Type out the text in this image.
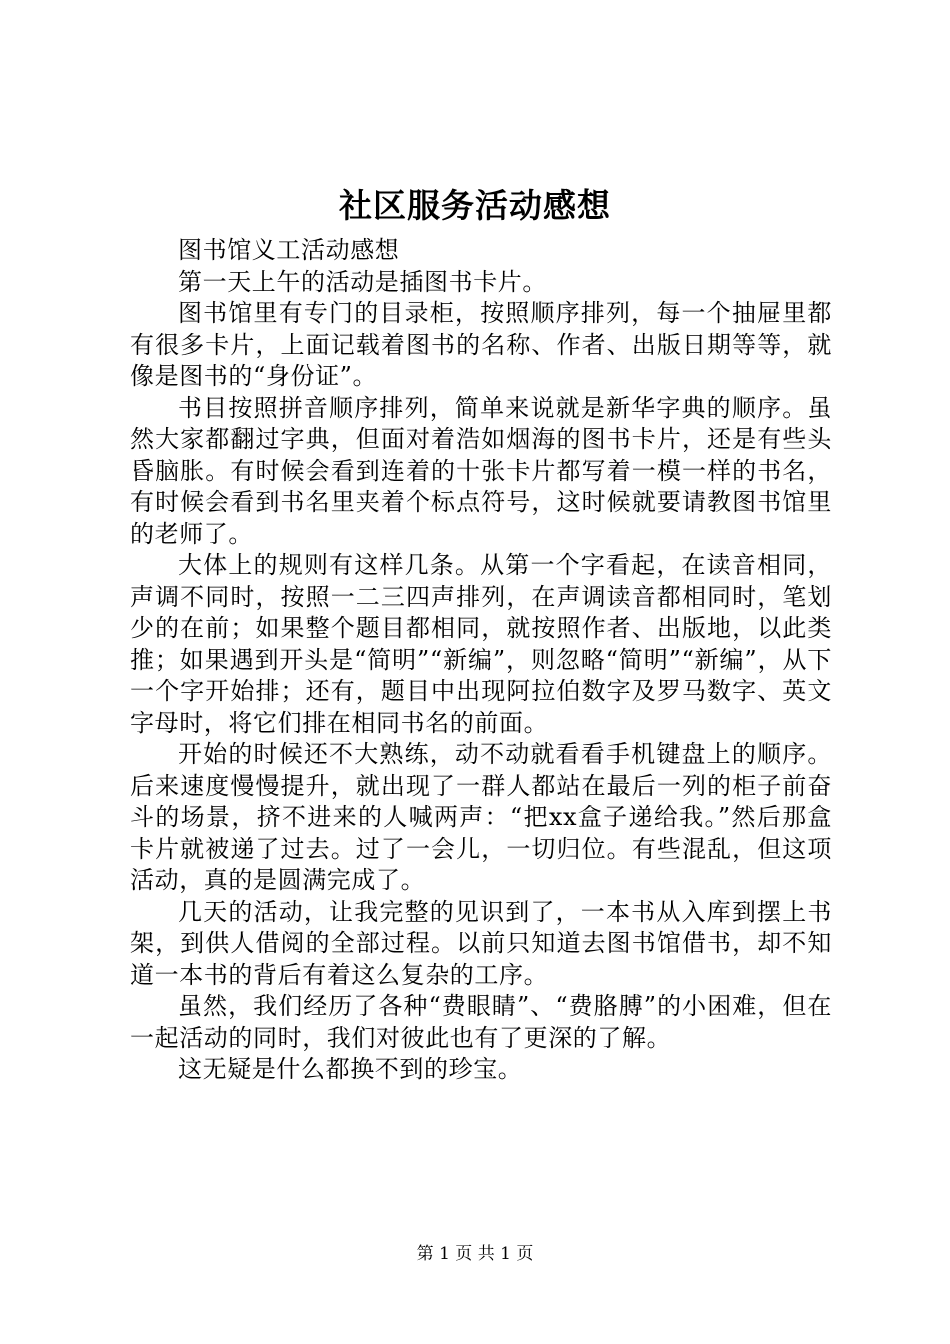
社区服务活动感想

图书馆义工活动感想

第一天上午的活动是插图书卡片。

图书馆里有专门的目录柜，按照顺序排列，每一个抽屉里都有很多卡片，上面记载着图书的名称、作者、出版日期等等，就像是图书的“身份证”。

书目按照拼音顺序排列，简单来说就是新华字典的顺序。虽然大家都翻过字典，但面对着浩如烟海的图书卡片，还是有些头昏脑胀。有时候会看到连着的十张卡片都写着一模一样的书名，有时候会看到书名里夹着个标点符号，这时候就要请教图书馆里的老师了。

大体上的规则有这样几条。从第一个字看起，在读音相同，声调不同时，按照一二三四声排列，在声调读音都相同时，笔划少的在前；如果整个题目都相同，就按照作者、出版地，以此类推；如果遇到开头是“简明”“新编”，则忽略“简明”“新编”，从下一个字开始排；还有，题目中出现阿拉伯数字及罗马数字、英文字母时，将它们排在相同书名的前面。

开始的时候还不大熟练，动不动就看看手机键盘上的顺序。后来速度慢慢提升，就出现了一群人都站在最后一列的柜子前奋斗的场景，挤不进来的人喊两声：“把xx盒子递给我。”然后那盒卡片就被递了过去。过了一会儿，一切归位。有些混乱，但这项活动，真的是圆满完成了。

几天的活动，让我完整的见识到了，一本书从入库到摆上书架，到供人借阅的全部过程。以前只知道去图书馆借书，却不知道一本书的背后有着这么复杂的工序。

虽然，我们经历了各种“费眼睛”、“费胳膊”的小困难，但在一起活动的同时，我们对彼此也有了更深的了解。

这无疑是什么都换不到的珍宝。

第 1 页 共 1 页
